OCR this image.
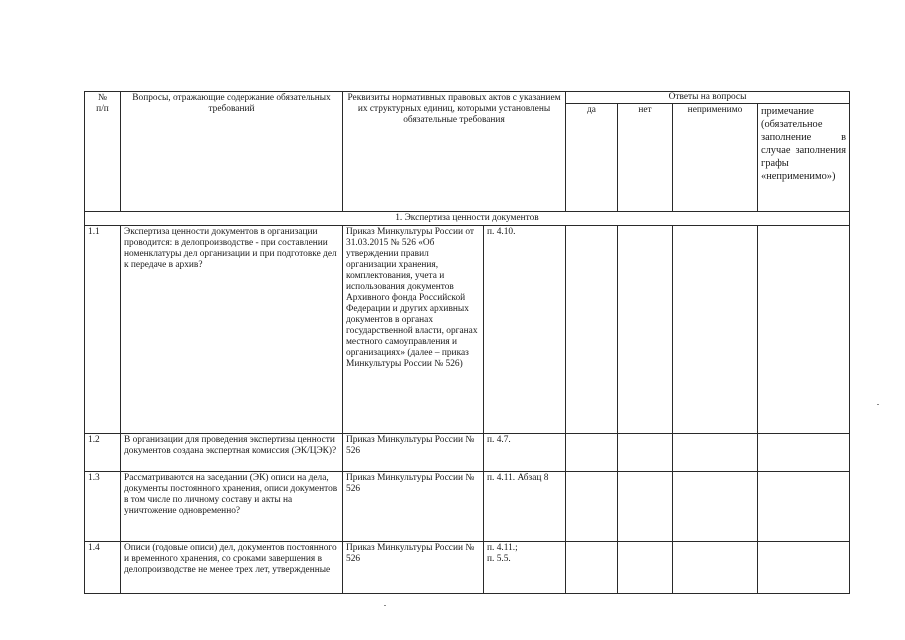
№
п/п	Вопросы, отражающие содержание обязательных требований	Реквизиты нормативных правовых актов с указанием их структурных единиц, которыми установлены обязательные требования		Ответы на вопросы			
				да	нет	неприменимо	примечание (обязательное заполнение в случае заполнения графы «неприменимо»)
1. Экспертиза ценности документов							
1.1	Экспертиза ценности документов в организации проводится: в делопроизводстве - при составлении номенклатуры дел организации и при подготовке дел к передаче в архив?	Приказ Минкультуры России от 31.03.2015 № 526 «Об утверждении правил организации хранения, комплектования, учета и использования документов Архивного фонда Российской Федерации и других архивных документов в органах государственной власти, органах местного самоуправления и организациях» (далее – приказ Минкультуры России № 526)	п. 4.10.				
1.2	В организации для проведения экспертизы ценности документов создана экспертная комиссия (ЭК/ЦЭК)?	Приказ Минкультуры России № 526	п. 4.7.				
1.3	Рассматриваются на заседании (ЭК) описи на дела, документы постоянного хранения, описи документов в том числе по личному составу и акты на уничтожение одновременно?	Приказ Минкультуры России № 526	п. 4.11. Абзац 8				
1.4	Описи (годовые описи) дел, документов постоянного и временного хранения, со сроками завершения в делопроизводстве не менее трех лет, утвержденные	Приказ Минкультуры России № 526	п. 4.11.;
п. 5.5.				
